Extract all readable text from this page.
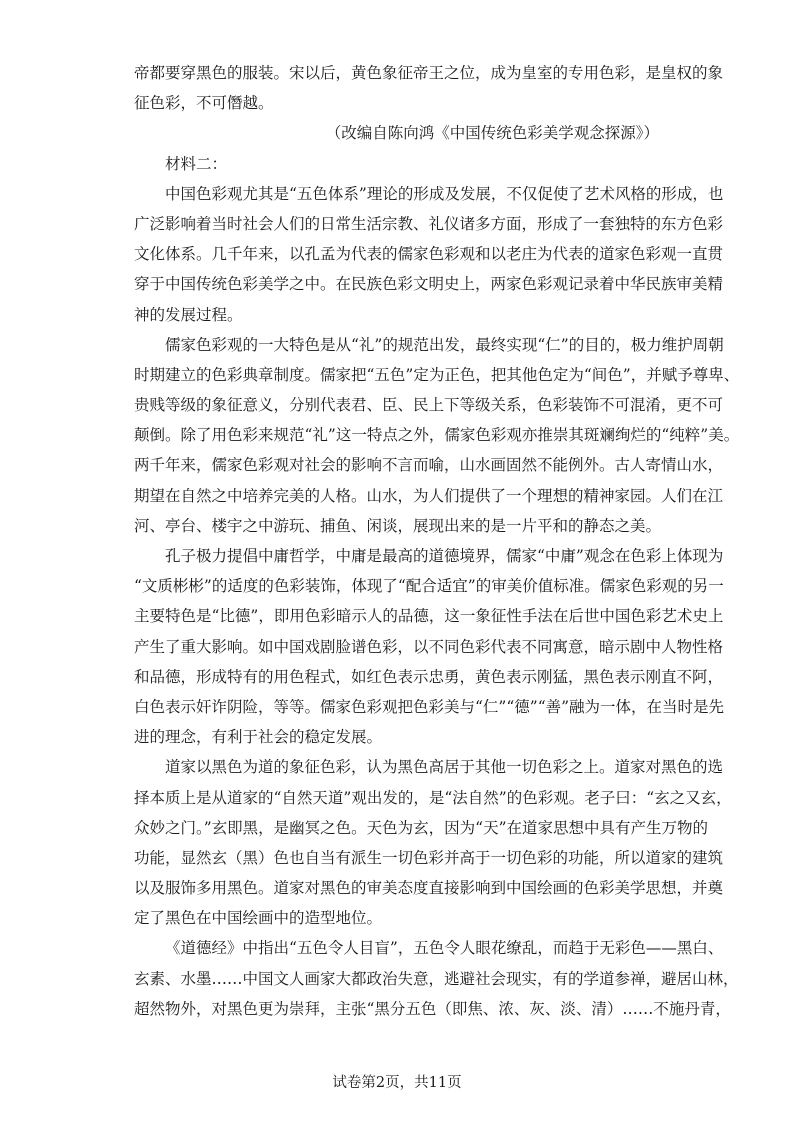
帝都要穿黑色的服装。宋以后，黄色象征帝王之位，成为皇室的专用色彩，是皇权的象
征色彩，不可僭越。
（改编自陈向鸿《中国传统色彩美学观念探源》）
材料二：
中国色彩观尤其是“五色体系”理论的形成及发展，不仅促使了艺术风格的形成，也
广泛影响着当时社会人们的日常生活宗教、礼仪诸多方面，形成了一套独特的东方色彩
文化体系。几千年来，以孔孟为代表的儒家色彩观和以老庄为代表的道家色彩观一直贯
穿于中国传统色彩美学之中。在民族色彩文明史上，两家色彩观记录着中华民族审美精
神的发展过程。
儒家色彩观的一大特色是从“礼”的规范出发，最终实现“仁”的目的，极力维护周朝
时期建立的色彩典章制度。儒家把“五色”定为正色，把其他色定为“间色”，并赋予尊卑、
贵贱等级的象征意义，分别代表君、臣、民上下等级关系，色彩装饰不可混淆，更不可
颠倒。除了用色彩来规范“礼”这一特点之外，儒家色彩观亦推崇其斑斓绚烂的“纯粹”美。
两千年来，儒家色彩观对社会的影响不言而喻，山水画固然不能例外。古人寄情山水，
期望在自然之中培养完美的人格。山水，为人们提供了一个理想的精神家园。人们在江
河、亭台、楼宇之中游玩、捕鱼、闲谈，展现出来的是一片平和的静态之美。
孔子极力提倡中庸哲学，中庸是最高的道德境界，儒家“中庸”观念在色彩上体现为
“文质彬彬”的适度的色彩装饰，体现了“配合适宜”的审美价值标准。儒家色彩观的另一
主要特色是“比德”，即用色彩暗示人的品德，这一象征性手法在后世中国色彩艺术史上
产生了重大影响。如中国戏剧脸谱色彩，以不同色彩代表不同寓意，暗示剧中人物性格
和品德，形成特有的用色程式，如红色表示忠勇，黄色表示刚猛，黑色表示刚直不阿，
白色表示奸诈阴险，等等。儒家色彩观把色彩美与“仁”“德”“善”融为一体，在当时是先
进的理念，有利于社会的稳定发展。
道家以黑色为道的象征色彩，认为黑色高居于其他一切色彩之上。道家对黑色的选
择本质上是从道家的“自然天道”观出发的，是“法自然”的色彩观。老子曰：“玄之又玄，
众妙之门。”玄即黑，是幽冥之色。天色为玄，因为“天”在道家思想中具有产生万物的
功能，显然玄（黑）色也自当有派生一切色彩并高于一切色彩的功能，所以道家的建筑
以及服饰多用黑色。道家对黑色的审美态度直接影响到中国绘画的色彩美学思想，并奠
定了黑色在中国绘画中的造型地位。
《道德经》中指出“五色令人目盲”，五色令人眼花缭乱，而趋于无彩色——黑白、
玄素、水墨……中国文人画家大都政治失意，逃避社会现实，有的学道参禅，避居山林，
超然物外，对黑色更为崇拜，主张“黑分五色（即焦、浓、灰、淡、清）……不施丹青，
试卷第2页，共11页
